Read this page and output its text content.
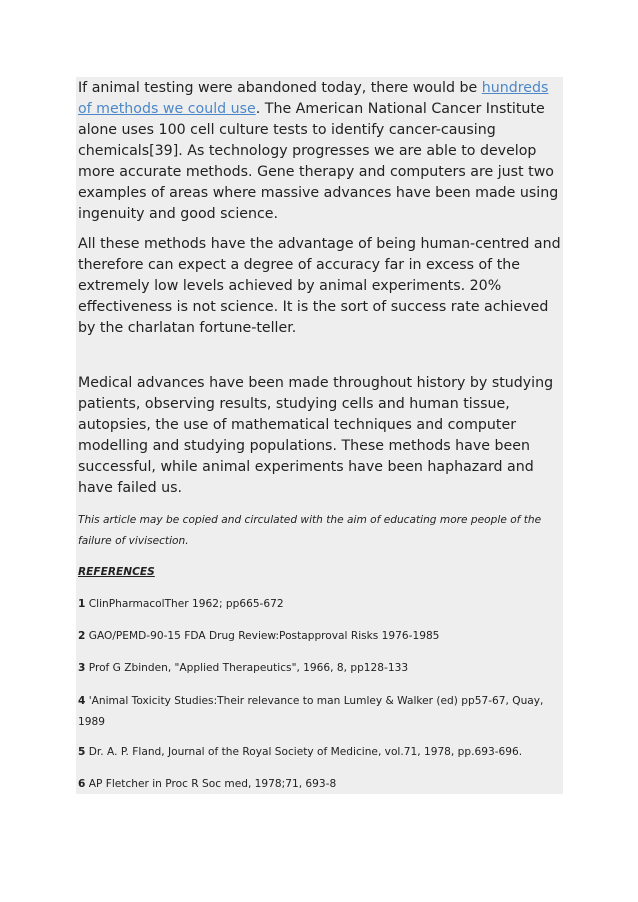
If animal testing were abandoned today, there would be hundreds of methods we could use. The American National Cancer Institute alone uses 100 cell culture tests to identify cancer-causing chemicals[39]. As technology progresses we are able to develop more accurate methods. Gene therapy and computers are just two examples of areas where massive advances have been made using ingenuity and good science.

All these methods have the advantage of being human-centred and therefore can expect a degree of accuracy far in excess of the extremely low levels achieved by animal experiments. 20% effectiveness is not science. It is the sort of success rate achieved by the charlatan fortune-teller.

Medical advances have been made throughout history by studying patients, observing results, studying cells and human tissue, autopsies, the use of mathematical techniques and computer modelling and studying populations. These methods have been successful, while animal experiments have been haphazard and have failed us.

This article may be copied and circulated with the aim of educating more people of the failure of vivisection.

REFERENCES

1 ClinPharmacolTher 1962; pp665-672

2 GAO/PEMD-90-15 FDA Drug Review:Postapproval Risks 1976-1985

3 Prof G Zbinden, "Applied Therapeutics", 1966, 8, pp128-133

4 'Animal Toxicity Studies:Their relevance to man Lumley & Walker (ed) pp57-67, Quay, 1989

5 Dr. A. P. Fland, Journal of the Royal Society of Medicine, vol.71, 1978, pp.693-696.

6 AP Fletcher in Proc R Soc med, 1978;71, 693-8
